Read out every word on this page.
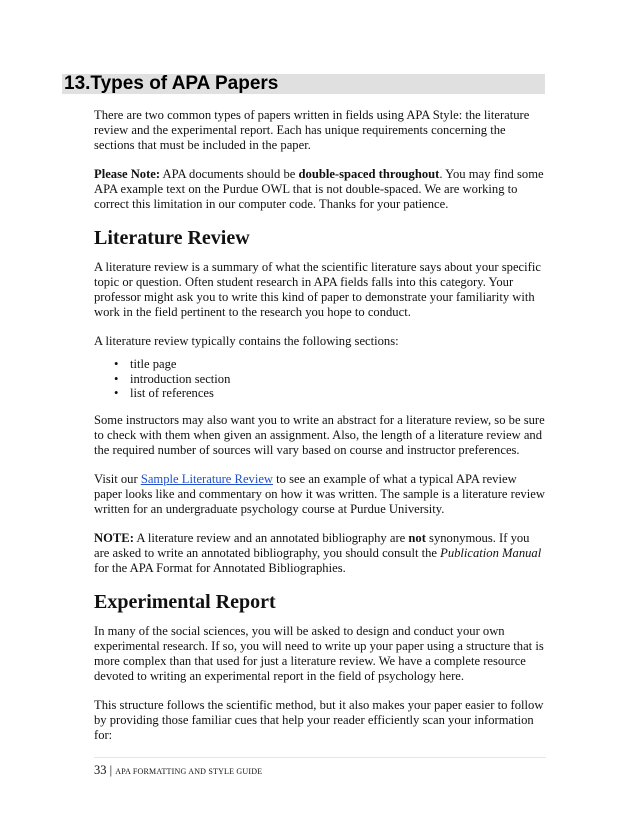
13.Types of APA Papers

There are two common types of papers written in fields using APA Style: the literature review and the experimental report. Each has unique requirements concerning the sections that must be included in the paper.

Please Note: APA documents should be double-spaced throughout. You may find some APA example text on the Purdue OWL that is not double-spaced. We are working to correct this limitation in our computer code. Thanks for your patience.

Literature Review

A literature review is a summary of what the scientific literature says about your specific topic or question. Often student research in APA fields falls into this category. Your professor might ask you to write this kind of paper to demonstrate your familiarity with work in the field pertinent to the research you hope to conduct.

A literature review typically contains the following sections:

• title page
• introduction section
• list of references

Some instructors may also want you to write an abstract for a literature review, so be sure to check with them when given an assignment. Also, the length of a literature review and the required number of sources will vary based on course and instructor preferences.

Visit our Sample Literature Review to see an example of what a typical APA review paper looks like and commentary on how it was written. The sample is a literature review written for an undergraduate psychology course at Purdue University.

NOTE: A literature review and an annotated bibliography are not synonymous. If you are asked to write an annotated bibliography, you should consult the Publication Manual for the APA Format for Annotated Bibliographies.

Experimental Report

In many of the social sciences, you will be asked to design and conduct your own experimental research. If so, you will need to write up your paper using a structure that is more complex than that used for just a literature review. We have a complete resource devoted to writing an experimental report in the field of psychology here.

This structure follows the scientific method, but it also makes your paper easier to follow by providing those familiar cues that help your reader efficiently scan your information for:

33 | APA FORMATTING AND STYLE GUIDE
